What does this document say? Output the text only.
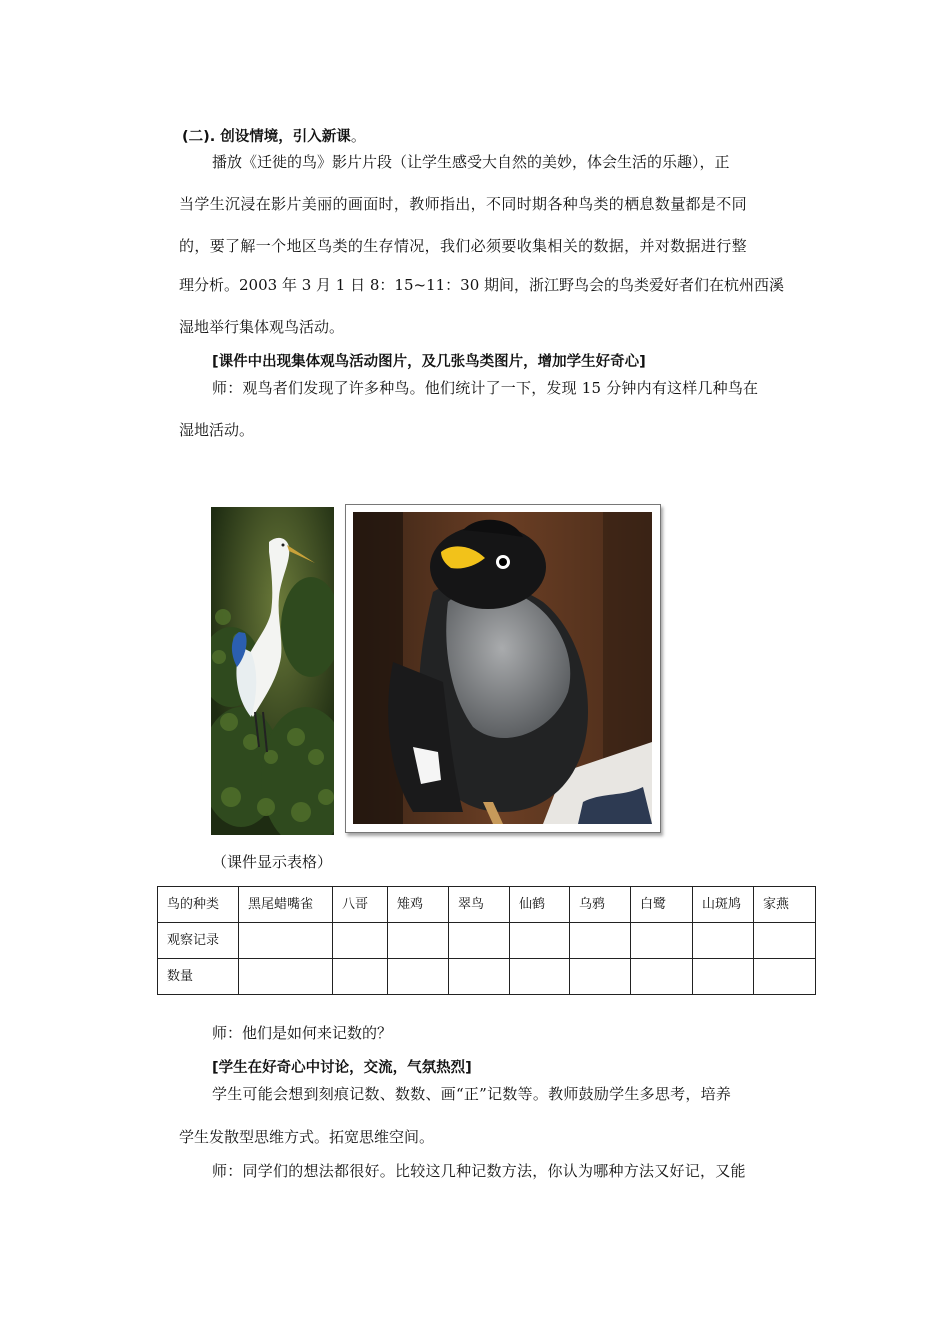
(二). 创设情境，引入新课。
播放《迁徙的鸟》影片片段（让学生感受大自然的美妙，体会生活的乐趣），正
当学生沉浸在影片美丽的画面时，教师指出，不同时期各种鸟类的栖息数量都是不同
的，要了解一个地区鸟类的生存情况，我们必须要收集相关的数据，并对数据进行整
理分析。2003 年 3 月 1 日 8：15~11：30 期间，浙江野鸟会的鸟类爱好者们在杭州西溪
湿地举行集体观鸟活动。
[课件中出现集体观鸟活动图片，及几张鸟类图片，增加学生好奇心]
师：观鸟者们发现了许多种鸟。他们统计了一下，发现 15 分钟内有这样几种鸟在
湿地活动。
（课件显示表格）
鸟的种类	黑尾蜡嘴雀	八哥	雉鸡	翠鸟	仙鹤	乌鸦	白鹭	山斑鸠	家燕
观察记录									
数量									
师：他们是如何来记数的？
[学生在好奇心中讨论，交流，气氛热烈]
学生可能会想到刻痕记数、数数、画“正”记数等。教师鼓励学生多思考，培养
学生发散型思维方式。拓宽思维空间。
师：同学们的想法都很好。比较这几种记数方法，你认为哪种方法又好记，又能
